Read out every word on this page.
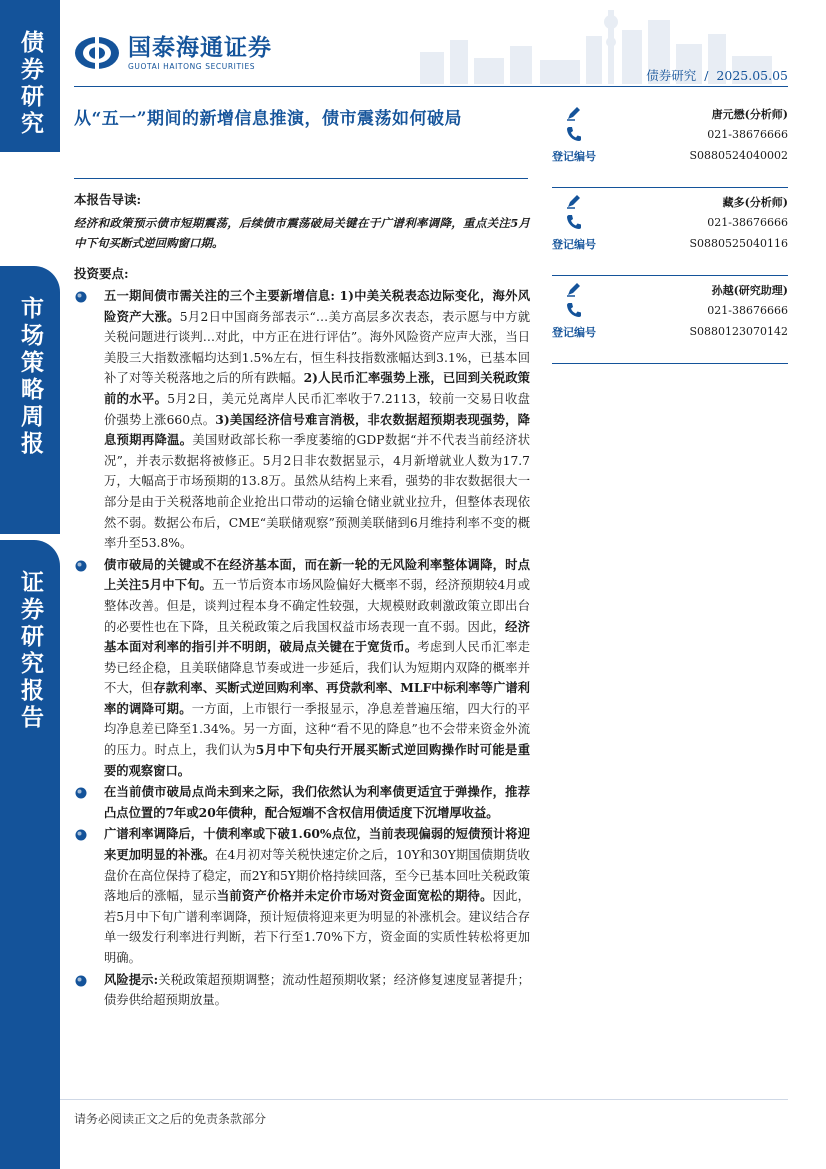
债券研究
市场策略周报
证券研究报告
国泰海通证券
GUOTAI HAITONG SECURITIES
债券研究 / 2025.05.05
从“五一”期间的新增信息推演，债市震荡如何破局
本报告导读:
经济和政策预示债市短期震荡，后续债市震荡破局关键在于广谱利率调降，重点关注5月中下旬买断式逆回购窗口期。
投资要点:
五一期间债市需关注的三个主要新增信息: 1)中美关税表态边际变化，海外风险资产大涨。5月2日中国商务部表示“…美方高层多次表态，表示愿与中方就关税问题进行谈判…对此，中方正在进行评估”。海外风险资产应声大涨，当日美股三大指数涨幅均达到1.5%左右，恒生科技指数涨幅达到3.1%，已基本回补了对等关税落地之后的所有跌幅。2)人民币汇率强势上涨，已回到关税政策前的水平。5月2日，美元兑离岸人民币汇率收于7.2113，较前一交易日收盘价强势上涨660点。3)美国经济信号难言消极，非农数据超预期表现强势，降息预期再降温。美国财政部长称一季度萎缩的GDP数据“并不代表当前经济状况”，并表示数据将被修正。5月2日非农数据显示，4月新增就业人数为17.7万，大幅高于市场预期的13.8万。虽然从结构上来看，强势的非农数据很大一部分是由于关税落地前企业抢出口带动的运输仓储业就业拉升，但整体表现依然不弱。数据公布后，CME“美联储观察”预测美联储到6月维持利率不变的概率升至53.8%。
债市破局的关键或不在经济基本面，而在新一轮的无风险利率整体调降，时点上关注5月中下旬。五一节后资本市场风险偏好大概率不弱，经济预期较4月或整体改善。但是，谈判过程本身不确定性较强，大规模财政刺激政策立即出台的必要性也在下降，且关税政策之后我国权益市场表现一直不弱。因此，经济基本面对利率的指引并不明朗，破局点关键在于宽货币。考虑到人民币汇率走势已经企稳，且美联储降息节奏或进一步延后，我们认为短期内双降的概率并不大，但存款利率、买断式逆回购利率、再贷款利率、MLF中标利率等广谱利率的调降可期。一方面，上市银行一季报显示，净息差普遍压缩，四大行的平均净息差已降至1.34%。另一方面，这种“看不见的降息”也不会带来资金外流的压力。时点上，我们认为5月中下旬央行开展买断式逆回购操作时可能是重要的观察窗口。
在当前债市破局点尚未到来之际，我们依然认为利率债更适宜于弹操作，推荐凸点位置的7年或20年债种，配合短端不含权信用债适度下沉增厚收益。
广谱利率调降后，十债利率或下破1.60%点位，当前表现偏弱的短债预计将迎来更加明显的补涨。在4月初对等关税快速定价之后，10Y和30Y期国债期货收盘价在高位保持了稳定，而2Y和5Y期价格持续回落，至今已基本回吐关税政策落地后的涨幅，显示当前资产价格并未定价市场对资金面宽松的期待。因此，若5月中下旬广谱利率调降，预计短债将迎来更为明显的补涨机会。建议结合存单一级发行利率进行判断，若下行至1.70%下方，资金面的实质性转松将更加明确。
风险提示:关税政策超预期调整；流动性超预期收紧；经济修复速度显著提升；债券供给超预期放量。
登记编号
唐元懋(分析师)
021-38676666
S0880524040002
登记编号
藏多(分析师)
021-38676666
S0880525040116
登记编号
孙越(研究助理)
021-38676666
S0880123070142
请务必阅读正文之后的免责条款部分
